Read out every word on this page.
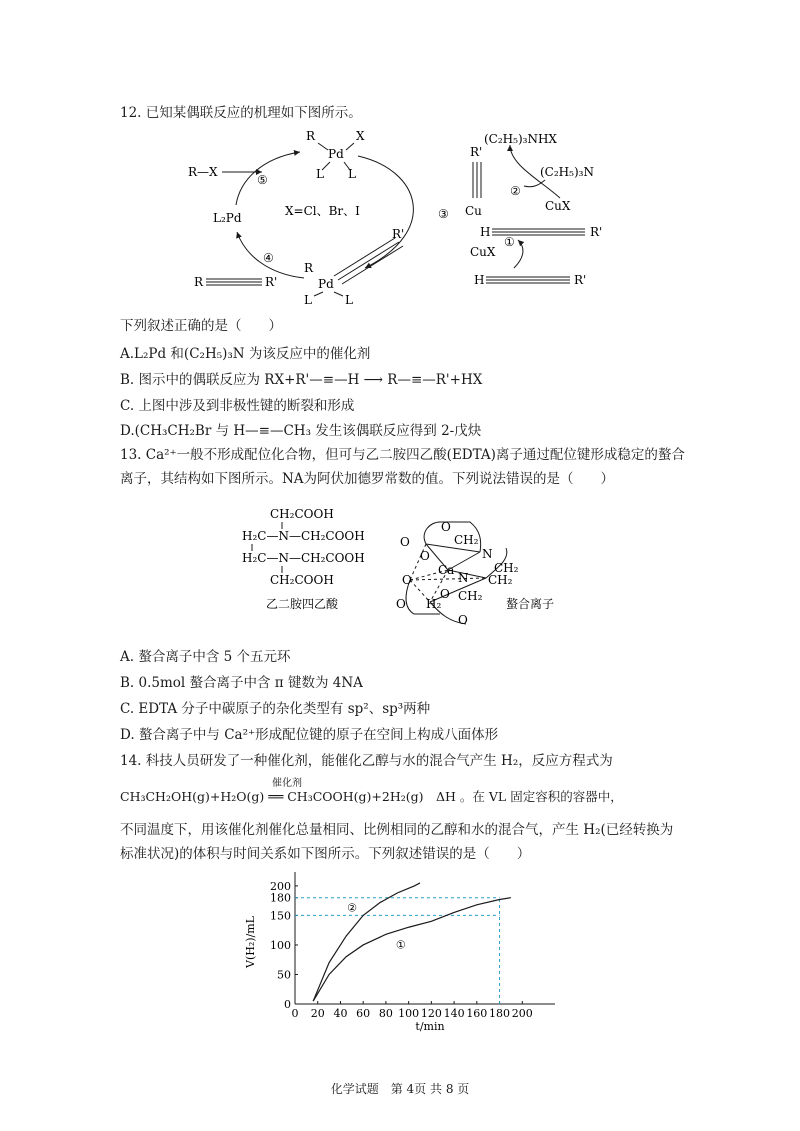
12. 已知某偶联反应的机理如下图所示。
R	X
Pd
L L
R—X
⑤
L₂Pd
④
X=Cl、Br、I	③
R
Pd
R'
L	L
R	R'
(C₂H₅)₃NHX
R'
Cu
②
(C₂H₅)₃N
CuX
H	R'
①
CuX
H	R'
下列叙述正确的是（　　）
A.L₂Pd 和(C₂H₅)₃N 为该反应中的催化剂
B. 图示中的偶联反应为 RX+R'—≡—H ⟶ R—≡—R'+HX
C. 上图中涉及到非极性键的断裂和形成
D.(CH₃CH₂Br 与 H—≡—CH₃ 发生该偶联反应得到 2-戊炔
13. Ca²⁺一般不形成配位化合物，但可与乙二胺四乙酸(EDTA)离子通过配位键形成稳定的螯合离子，其结构如下图所示。NA为阿伏加德罗常数的值。下列说法错误的是（　　）
CH₂COOH
H₂C—N—CH₂COOH
H₂C—N—CH₂COOH
CH₂COOH
乙二胺四乙酸
O
O
O
CH₂
N
CH₂
Ca
N CH₂
O
O H₂
O CH₂
O
螯合离子
A. 螯合离子中含 5 个五元环
B. 0.5mol 螯合离子中含 π 键数为 4NA
C. EDTA 分子中碳原子的杂化类型有 sp²、sp³两种
D. 螯合离子中与 Ca²⁺形成配位键的原子在空间上构成八面体形
14. 科技人员研发了一种催化剂，能催化乙醇与水的混合气产生 H₂，反应方程式为
CH₃CH₂OH(g)+H₂O(g) ══ CH₃COOH(g)+2H₂(g)　ΔH 。在 VL 固定容积的容器中，
催化剂
不同温度下，用该催化剂催化总量相同、比例相同的乙醇和水的混合气，产生 H₂(已经转换为标准状况)的体积与时间关系如下图所示。下列叙述错误的是（　　）
0 20 40 60 80 100 120 140 160 180 200
0
50
100
150
180
200
②
①
t/min
V(H₂)/mL
化学试题　第 4页 共 8 页
